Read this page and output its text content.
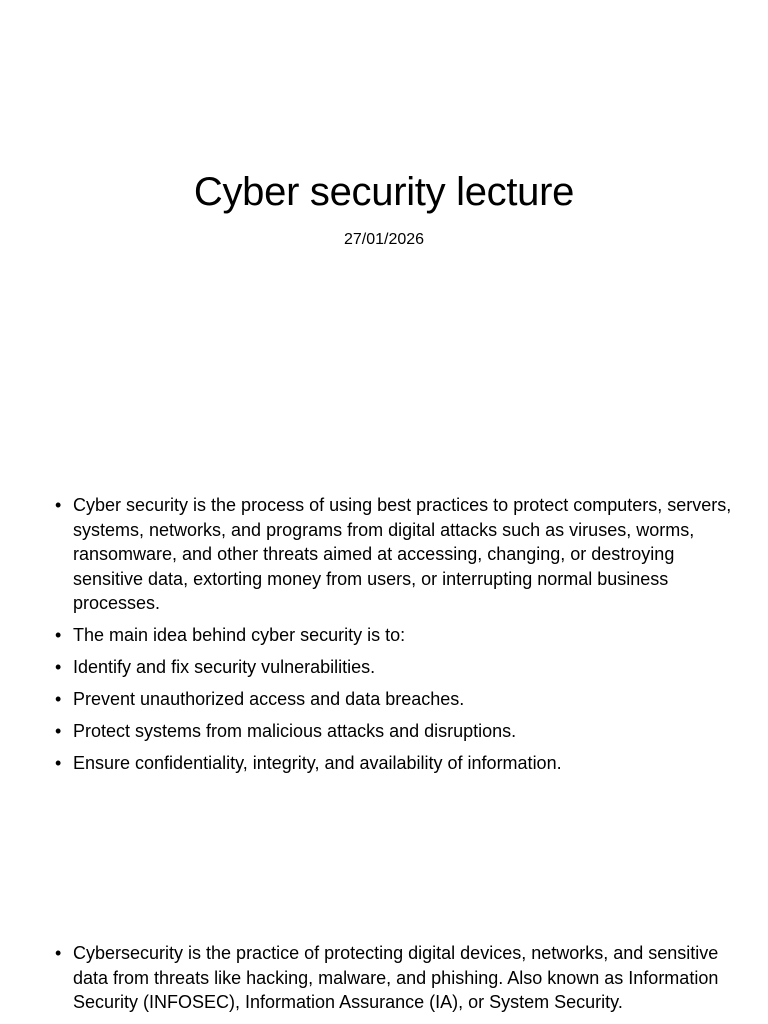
Cyber security lecture
27/01/2026
• Cyber security is the process of using best practices to protect computers, servers, systems, networks, and programs from digital attacks such as viruses, worms, ransomware, and other threats aimed at accessing, changing, or destroying sensitive data, extorting money from users, or interrupting normal business processes.
• The main idea behind cyber security is to:
• Identify and fix security vulnerabilities.
• Prevent unauthorized access and data breaches.
• Protect systems from malicious attacks and disruptions.
• Ensure confidentiality, integrity, and availability of information.
• Cybersecurity is the practice of protecting digital devices, networks, and sensitive data from threats like hacking, malware, and phishing. Also known as Information Security (INFOSEC), Information Assurance (IA), or System Security.
